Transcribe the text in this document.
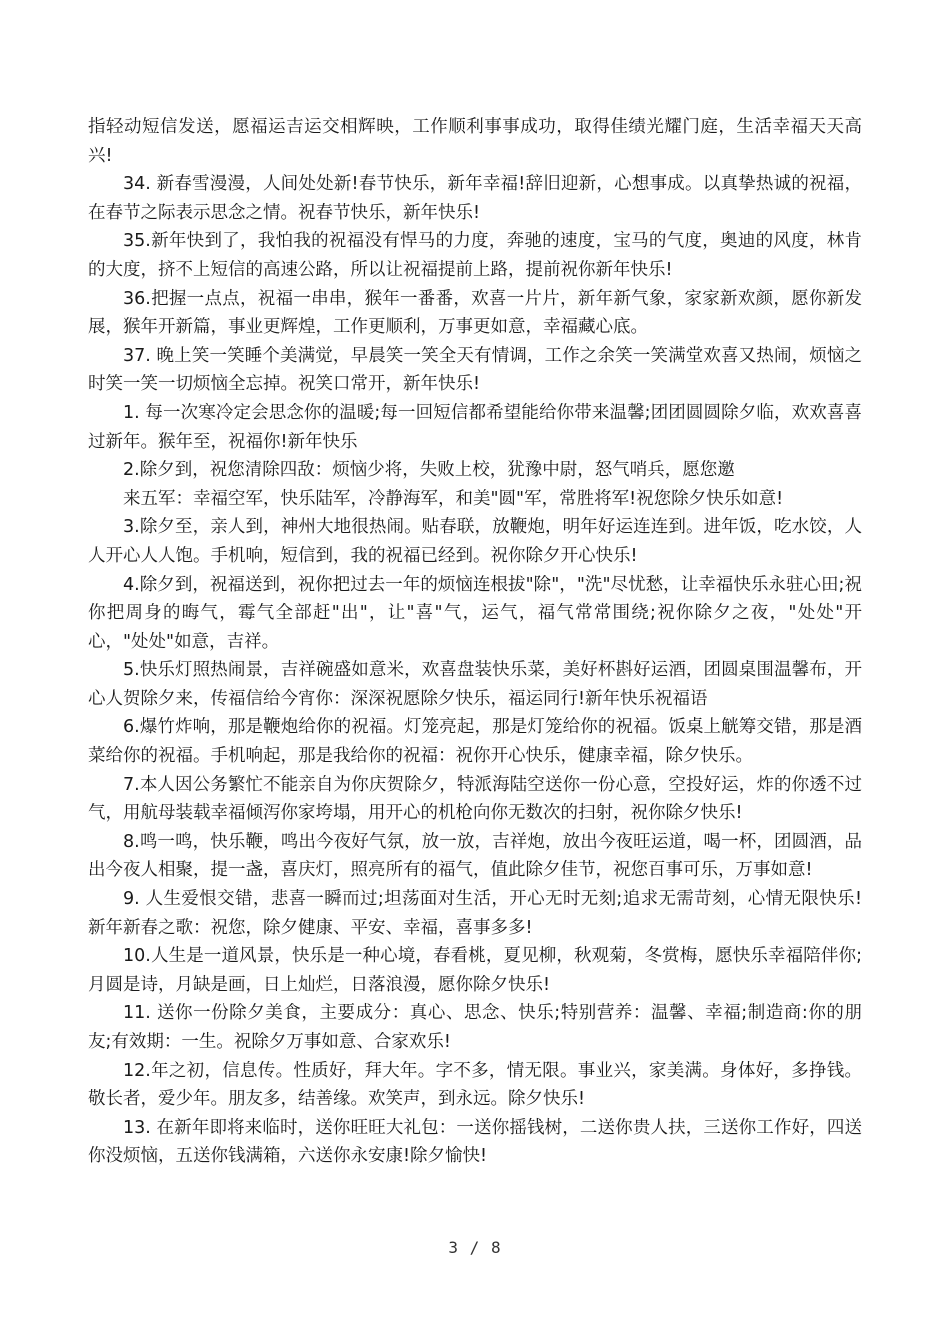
指轻动短信发送，愿福运吉运交相辉映，工作顺利事事成功，取得佳绩光耀门庭，生活幸福天天高兴!

34. 新春雪漫漫，人间处处新!春节快乐，新年幸福!辞旧迎新，心想事成。以真挚热诚的祝福，在春节之际表示思念之情。祝春节快乐，新年快乐!

35.新年快到了，我怕我的祝福没有悍马的力度，奔驰的速度，宝马的气度，奥迪的风度，林肯的大度，挤不上短信的高速公路，所以让祝福提前上路，提前祝你新年快乐!

36.把握一点点，祝福一串串，猴年一番番，欢喜一片片，新年新气象，家家新欢颜，愿你新发展，猴年开新篇，事业更辉煌，工作更顺利，万事更如意，幸福藏心底。

37. 晚上笑一笑睡个美满觉，早晨笑一笑全天有情调，工作之余笑一笑满堂欢喜又热闹，烦恼之时笑一笑一切烦恼全忘掉。祝笑口常开，新年快乐!

1. 每一次寒冷定会思念你的温暖;每一回短信都希望能给你带来温馨;团团圆圆除夕临，欢欢喜喜过新年。猴年至，祝福你!新年快乐

2.除夕到，祝您清除四敌：烦恼少将，失败上校，犹豫中尉，怒气哨兵，愿您邀

来五军：幸福空军，快乐陆军，冷静海军，和美"圆"军，常胜将军!祝您除夕快乐如意!

3.除夕至，亲人到，神州大地很热闹。贴春联，放鞭炮，明年好运连连到。进年饭，吃水饺，人人开心人人饱。手机响，短信到，我的祝福已经到。祝你除夕开心快乐!

4.除夕到，祝福送到，祝你把过去一年的烦恼连根拔"除"，"洗"尽忧愁，让幸福快乐永驻心田;祝你把周身的晦气，霉气全部赶"出"，让"喜"气，运气，福气常常围绕;祝你除夕之夜，"处处"开心，"处处"如意，吉祥。

5.快乐灯照热闹景，吉祥碗盛如意米，欢喜盘装快乐菜，美好杯斟好运酒，团圆桌围温馨布，开心人贺除夕来，传福信给今宵你：深深祝愿除夕快乐，福运同行!新年快乐祝福语

6.爆竹炸响，那是鞭炮给你的祝福。灯笼亮起，那是灯笼给你的祝福。饭桌上觥筹交错，那是酒菜给你的祝福。手机响起，那是我给你的祝福：祝你开心快乐，健康幸福，除夕快乐。

7.本人因公务繁忙不能亲自为你庆贺除夕，特派海陆空送你一份心意，空投好运，炸的你透不过气，用航母装载幸福倾泻你家垮塌，用开心的机枪向你无数次的扫射，祝你除夕快乐!

8.鸣一鸣，快乐鞭，鸣出今夜好气氛，放一放，吉祥炮，放出今夜旺运道，喝一杯，团圆酒，品出今夜人相聚，提一盏，喜庆灯，照亮所有的福气，值此除夕佳节，祝您百事可乐，万事如意!

9. 人生爱恨交错，悲喜一瞬而过;坦荡面对生活，开心无时无刻;追求无需苛刻，心情无限快乐!新年新春之歌：祝您，除夕健康、平安、幸福，喜事多多!

10.人生是一道风景，快乐是一种心境，春看桃，夏见柳，秋观菊，冬赏梅，愿快乐幸福陪伴你;月圆是诗，月缺是画，日上灿烂，日落浪漫，愿你除夕快乐!

11. 送你一份除夕美食，主要成分：真心、思念、快乐;特别营养：温馨、幸福;制造商:你的朋友;有效期：一生。祝除夕万事如意、合家欢乐!

12.年之初，信息传。性质好，拜大年。字不多，情无限。事业兴，家美满。身体好，多挣钱。敬长者，爱少年。朋友多，结善缘。欢笑声，到永远。除夕快乐!

13. 在新年即将来临时，送你旺旺大礼包：一送你摇钱树，二送你贵人扶，三送你工作好，四送你没烦恼，五送你钱满箱，六送你永安康!除夕愉快!

3 / 8
